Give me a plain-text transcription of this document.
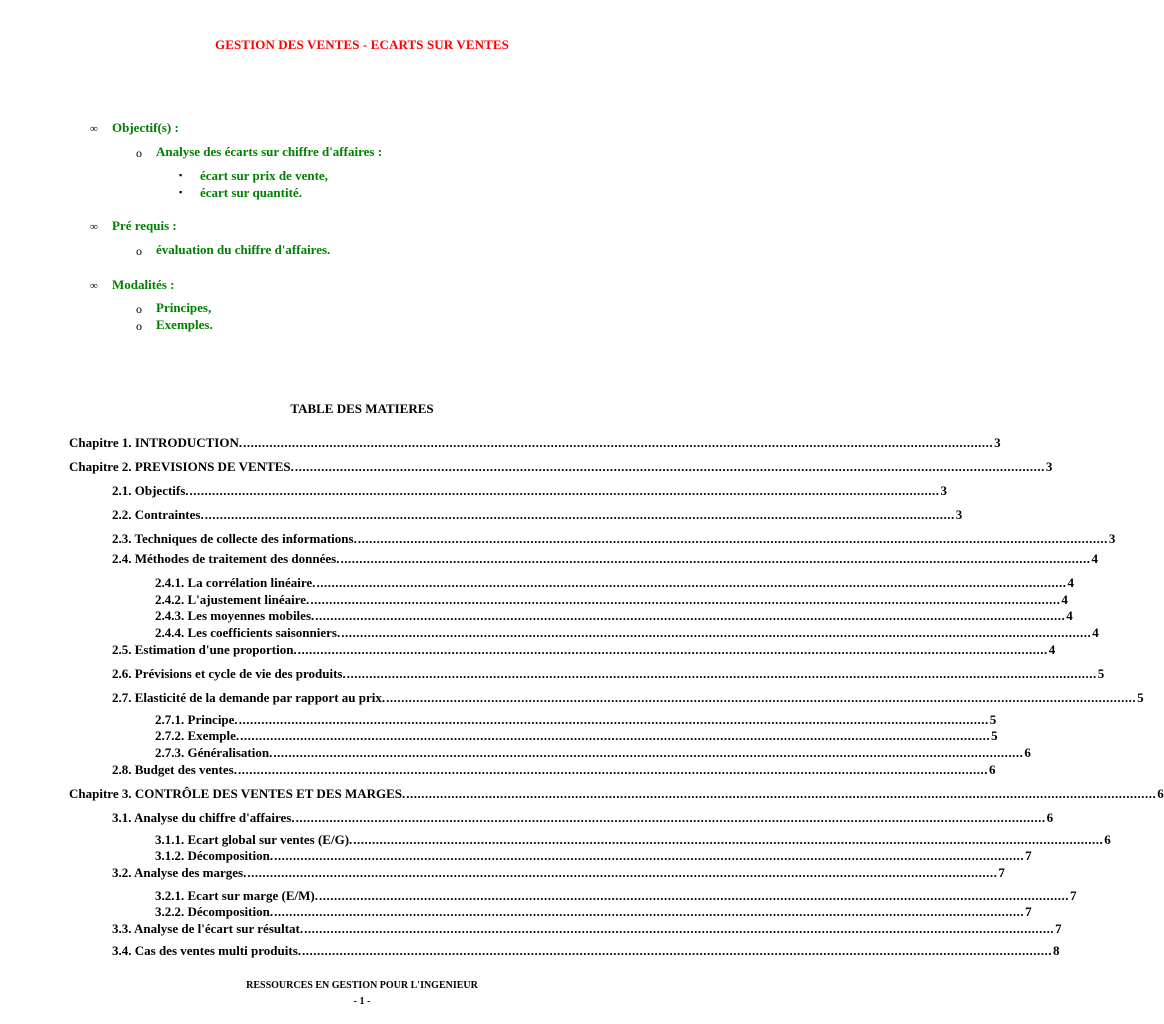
GESTION DES VENTES - ECARTS SUR VENTES
∞ Objectif(s) :
o Analyse des écarts sur chiffre d'affaires :
▪ écart sur prix de vente,
▪ écart sur quantité.
∞ Pré requis :
o évaluation du chiffre d'affaires.
∞ Modalités :
o Principes,
o Exemples.
TABLE DES MATIERES
Chapitre 1. INTRODUCTION. ........................................................................................................................................................................................................ 3
Chapitre 2. PREVISIONS DE VENTES. ........................................................................................................................................................................................................ 3
2.1. Objectifs. ........................................................................................................................................................................................................ 3
2.2. Contraintes. ........................................................................................................................................................................................................ 3
2.3. Techniques de collecte des informations. ........................................................................................................................................................................................................ 3
2.4. Méthodes de traitement des données. ........................................................................................................................................................................................................ 4
2.4.1. La corrélation linéaire. ........................................................................................................................................................................................................ 4
2.4.2. L'ajustement linéaire. ........................................................................................................................................................................................................ 4
2.4.3. Les moyennes mobiles. ........................................................................................................................................................................................................ 4
2.4.4. Les coefficients saisonniers. ........................................................................................................................................................................................................ 4
2.5. Estimation d'une proportion. ........................................................................................................................................................................................................ 4
2.6. Prévisions et cycle de vie des produits. ........................................................................................................................................................................................................ 5
2.7. Elasticité de la demande par rapport au prix. ........................................................................................................................................................................................................ 5
2.7.1. Principe. ........................................................................................................................................................................................................ 5
2.7.2. Exemple. ........................................................................................................................................................................................................ 5
2.7.3. Généralisation. ........................................................................................................................................................................................................ 6
2.8. Budget des ventes. ........................................................................................................................................................................................................ 6
Chapitre 3. CONTRÔLE DES VENTES ET DES MARGES. ........................................................................................................................................................................................................ 6
3.1. Analyse du chiffre d'affaires. ........................................................................................................................................................................................................ 6
3.1.1. Ecart global sur ventes (E/G). ........................................................................................................................................................................................................ 6
3.1.2. Décomposition. ........................................................................................................................................................................................................ 7
3.2. Analyse des marges. ........................................................................................................................................................................................................ 7
3.2.1. Ecart sur marge (E/M). ........................................................................................................................................................................................................ 7
3.2.2. Décomposition. ........................................................................................................................................................................................................ 7
3.3. Analyse de l'écart sur résultat. ........................................................................................................................................................................................................ 7
3.4. Cas des ventes multi produits. ........................................................................................................................................................................................................ 8
RESSOURCES EN GESTION POUR L'INGENIEUR
- 1 -
